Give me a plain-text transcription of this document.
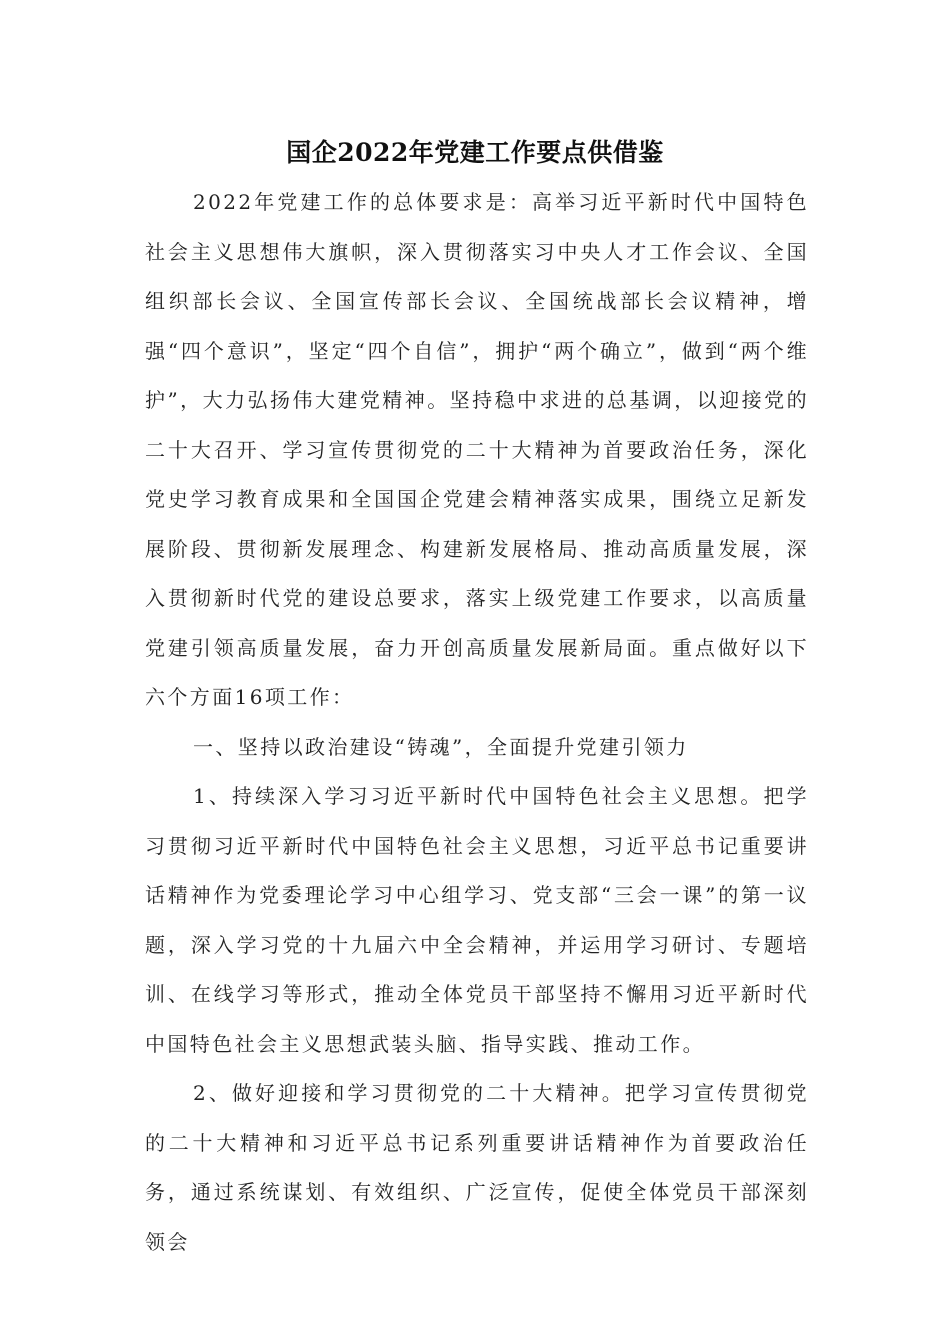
国企2022年党建工作要点供借鉴

2022年党建工作的总体要求是：高举习近平新时代中国特色社会主义思想伟大旗帜，深入贯彻落实习中央人才工作会议、全国组织部长会议、全国宣传部长会议、全国统战部长会议精神，增强“四个意识”，坚定“四个自信”，拥护“两个确立”，做到“两个维护”，大力弘扬伟大建党精神。坚持稳中求进的总基调，以迎接党的二十大召开、学习宣传贯彻党的二十大精神为首要政治任务，深化党史学习教育成果和全国国企党建会精神落实成果，围绕立足新发展阶段、贯彻新发展理念、构建新发展格局、推动高质量发展，深入贯彻新时代党的建设总要求，落实上级党建工作要求，以高质量党建引领高质量发展，奋力开创高质量发展新局面。重点做好以下六个方面16项工作：

一、坚持以政治建设“铸魂”，全面提升党建引领力

1、持续深入学习习近平新时代中国特色社会主义思想。把学习贯彻习近平新时代中国特色社会主义思想，习近平总书记重要讲话精神作为党委理论学习中心组学习、党支部“三会一课”的第一议题，深入学习党的十九届六中全会精神，并运用学习研讨、专题培训、在线学习等形式，推动全体党员干部坚持不懈用习近平新时代中国特色社会主义思想武装头脑、指导实践、推动工作。

2、做好迎接和学习贯彻党的二十大精神。把学习宣传贯彻党的二十大精神和习近平总书记系列重要讲话精神作为首要政治任务，通过系统谋划、有效组织、广泛宣传，促使全体党员干部深刻领会
